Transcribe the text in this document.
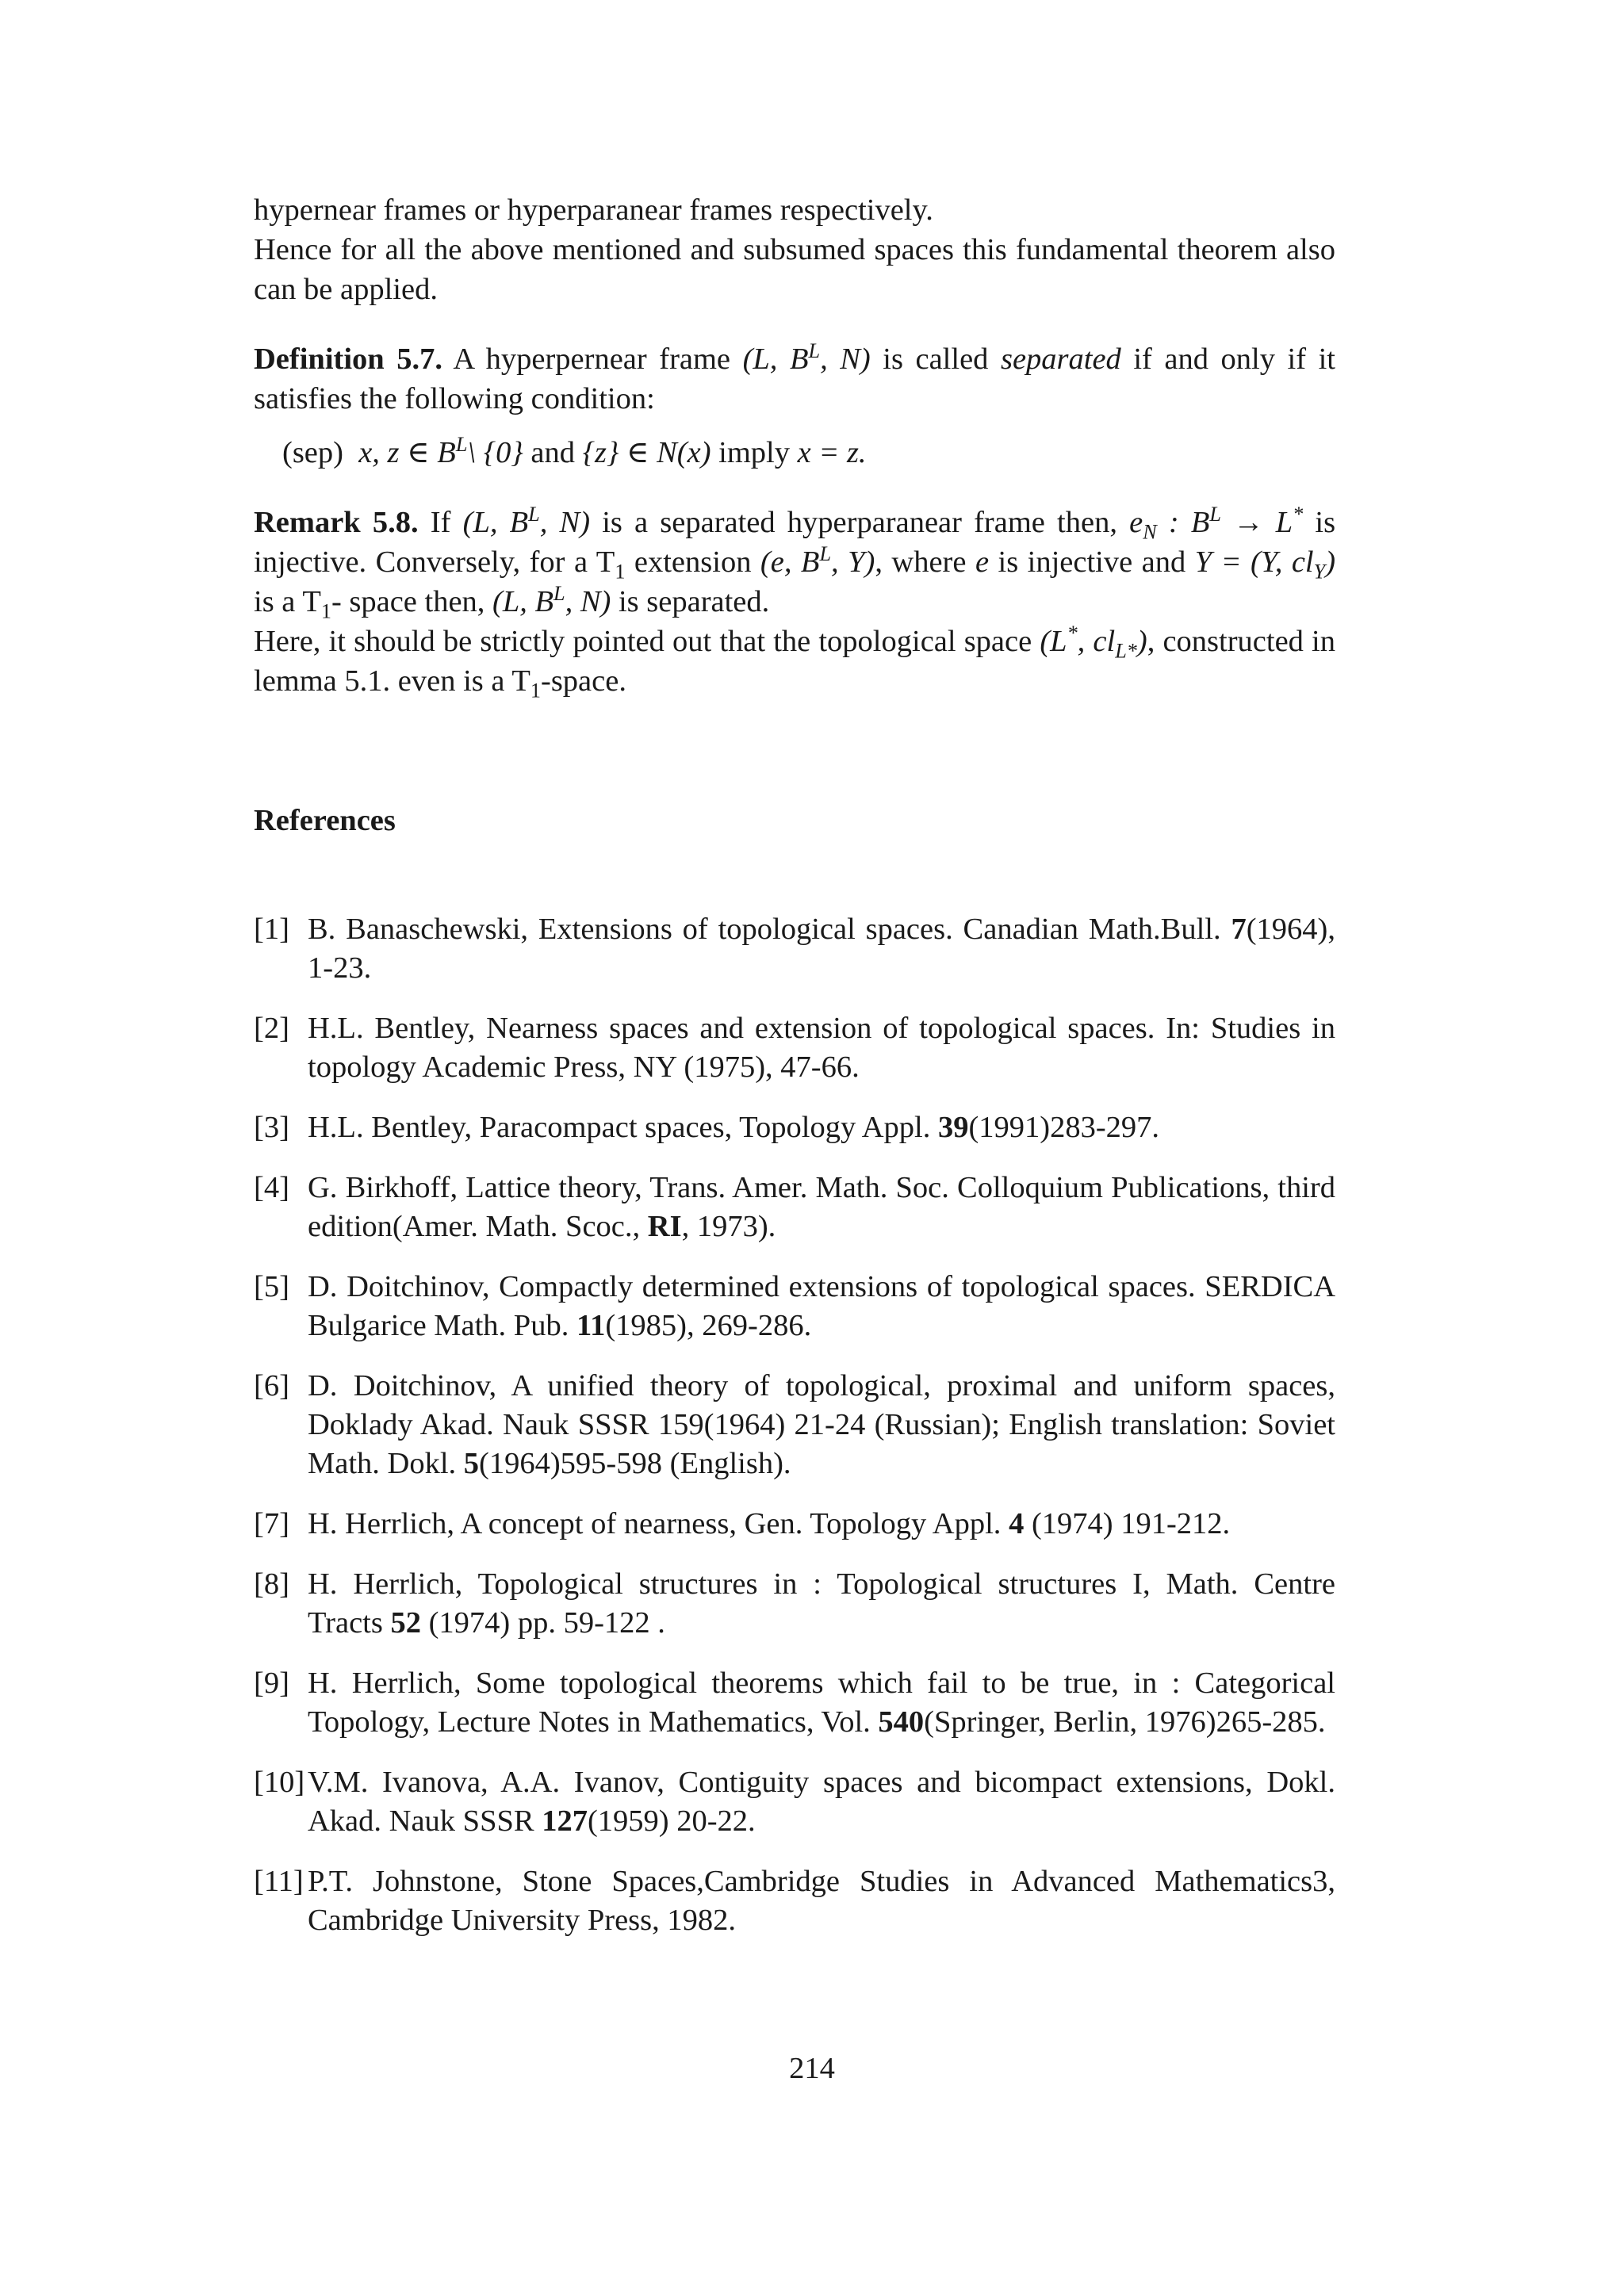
hypernear frames or hyperparanear frames respectively.
Hence for all the above mentioned and subsumed spaces this fundamental theorem also can be applied.

Definition 5.7. A hyperpernear frame (L, $B^L$, N) is called separated if and only if it satisfies the following condition:

(sep) x, z ∈ $B^L\backslash$ {0} and {z} ∈ N(x) imply x = z.

Remark 5.8. If (L, $B^L$, N) is a separated hyperparanear frame then, $e_N$ : $B^L \to L^*$ is injective. Conversely, for a $T_1$ extension (e, $B^L$, Y), where e is injective and Y = (Y, $cl_Y$) is a $T_1-$ space then, (L, $B^L$, N) is separated.
Here, it should be strictly pointed out that the topological space (L*, $cl_{L*}$), constructed in lemma 5.1. even is a $T_1$-space.

References

[1] B. Banaschewski, Extensions of topological spaces. Canadian Math.Bull. 7(1964), 1-23.

[2] H.L. Bentley, Nearness spaces and extension of topological spaces. In: Studies in topology Academic Press, NY (1975), 47-66.

[3] H.L. Bentley, Paracompact spaces, Topology Appl. 39(1991)283-297.

[4] G. Birkhoff, Lattice theory, Trans. Amer. Math. Soc. Colloquium Publications, third edition(Amer. Math. Scoc., RI, 1973).

[5] D. Doitchinov, Compactly determined extensions of topological spaces. SERDICA Bulgarice Math. Pub. 11(1985), 269-286.

[6] D. Doitchinov, A unified theory of topological, proximal and uniform spaces, Doklady Akad. Nauk SSSR 159(1964) 21-24 (Russian); English translation: Soviet Math. Dokl. 5(1964)595-598 (English).

[7] H. Herrlich, A concept of nearness, Gen. Topology Appl. 4 (1974) 191-212.

[8] H. Herrlich, Topological structures in : Topological structures I, Math. Centre Tracts 52 (1974) pp. 59-122 .

[9] H. Herrlich, Some topological theorems which fail to be true, in : Categorical Topology, Lecture Notes in Mathematics, Vol. 540(Springer, Berlin, 1976)265-285.

[10] V.M. Ivanova, A.A. Ivanov, Contiguity spaces and bicompact extensions, Dokl. Akad. Nauk SSSR 127(1959) 20-22.

[11] P.T. Johnstone, Stone Spaces,Cambridge Studies in Advanced Mathematics3, Cambridge University Press, 1982.

214
